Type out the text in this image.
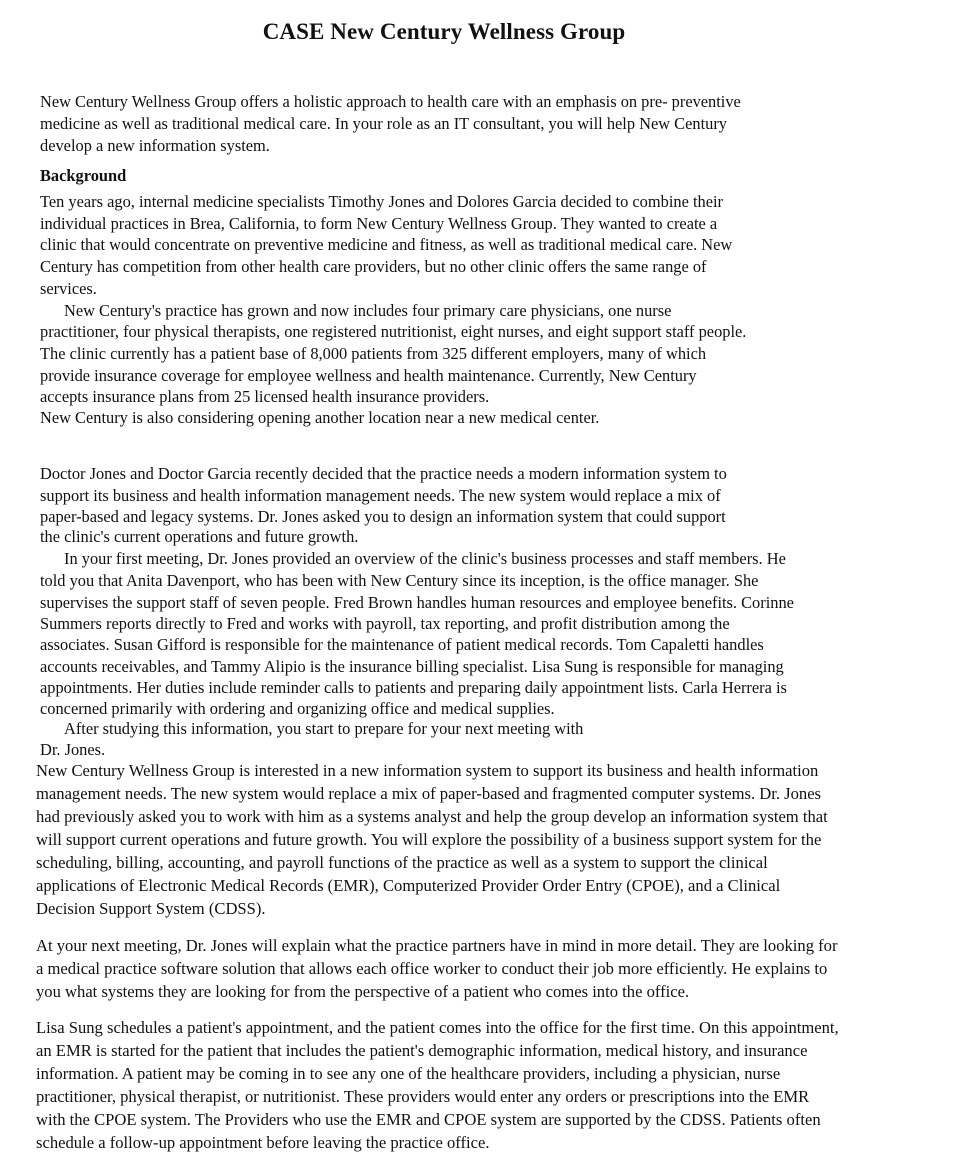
CASE New Century Wellness Group
New Century Wellness Group offers a holistic approach to health care with an emphasis on pre- preventive
medicine as well as traditional medical care. In your role as an IT consultant, you will help New Century
develop a new information system.
Background
Ten years ago, internal medicine specialists Timothy Jones and Dolores Garcia decided to combine their
individual practices in Brea, California, to form New Century Wellness Group. They wanted to create a
clinic that would concentrate on preventive medicine and fitness, as well as traditional medical care. New
Century has competition from other health care providers, but no other clinic offers the same range of
services.
New Century's practice has grown and now includes four primary care physicians, one nurse
practitioner, four physical therapists, one registered nutritionist, eight nurses, and eight support staff people.
The clinic currently has a patient base of 8,000 patients from 325 different employers, many of which
provide insurance coverage for employee wellness and health maintenance. Currently, New Century
accepts insurance plans from 25 licensed health insurance providers.
New Century is also considering opening another location near a new medical center.
Doctor Jones and Doctor Garcia recently decided that the practice needs a modern information system to
support its business and health information management needs. The new system would replace a mix of
paper-based and legacy systems. Dr. Jones asked you to design an information system that could support
the clinic's current operations and future growth.
In your first meeting, Dr. Jones provided an overview of the clinic's business processes and staff members. He
told you that Anita Davenport, who has been with New Century since its inception, is the office manager. She
supervises the support staff of seven people. Fred Brown handles human resources and employee benefits. Corinne
Summers reports directly to Fred and works with payroll, tax reporting, and profit distribution among the
associates. Susan Gifford is responsible for the maintenance of patient medical records. Tom Capaletti handles
accounts receivables, and Tammy Alipio is the insurance billing specialist. Lisa Sung is responsible for managing
appointments. Her duties include reminder calls to patients and preparing daily appointment lists. Carla Herrera is
concerned primarily with ordering and organizing office and medical supplies.
After studying this information, you start to prepare for your next meeting with
Dr. Jones.
New Century Wellness Group is interested in a new information system to support its business and health information
management needs. The new system would replace a mix of paper-based and fragmented computer systems. Dr. Jones
had previously asked you to work with him as a systems analyst and help the group develop an information system that
will support current operations and future growth. You will explore the possibility of a business support system for the
scheduling, billing, accounting, and payroll functions of the practice as well as a system to support the clinical
applications of Electronic Medical Records (EMR), Computerized Provider Order Entry (CPOE), and a Clinical
Decision Support System (CDSS).
At your next meeting, Dr. Jones will explain what the practice partners have in mind in more detail. They are looking for
a medical practice software solution that allows each office worker to conduct their job more efficiently. He explains to
you what systems they are looking for from the perspective of a patient who comes into the office.
Lisa Sung schedules a patient's appointment, and the patient comes into the office for the first time. On this appointment,
an EMR is started for the patient that includes the patient's demographic information, medical history, and insurance
information. A patient may be coming in to see any one of the healthcare providers, including a physician, nurse
practitioner, physical therapist, or nutritionist. These providers would enter any orders or prescriptions into the EMR
with the CPOE system. The Providers who use the EMR and CPOE system are supported by the CDSS. Patients often
schedule a follow-up appointment before leaving the practice office.
